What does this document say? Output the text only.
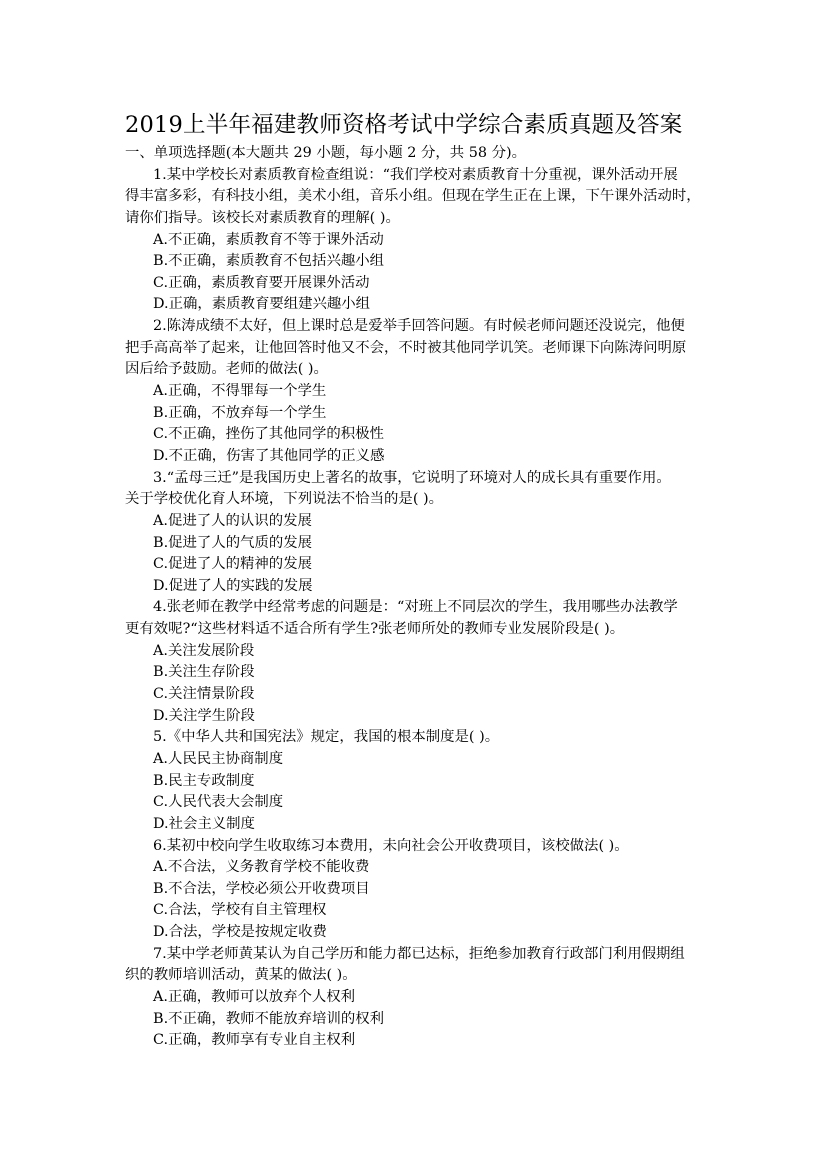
2019上半年福建教师资格考试中学综合素质真题及答案
一、单项选择题(本大题共 29 小题，每小题 2 分，共 58 分)。
1.某中学校长对素质教育检查组说：“我们学校对素质教育十分重视，课外活动开展
得丰富多彩，有科技小组，美术小组，音乐小组。但现在学生正在上课，下午课外活动时，
请你们指导。该校长对素质教育的理解( )。
A.不正确，素质教育不等于课外活动
B.不正确，素质教育不包括兴趣小组
C.正确，素质教育要开展课外活动
D.正确，素质教育要组建兴趣小组
2.陈涛成绩不太好，但上课时总是爱举手回答问题。有时候老师问题还没说完，他便
把手高高举了起来，让他回答时他又不会，不时被其他同学讥笑。老师课下向陈涛问明原
因后给予鼓励。老师的做法( )。
A.正确，不得罪每一个学生
B.正确，不放弃每一个学生
C.不正确，挫伤了其他同学的积极性
D.不正确，伤害了其他同学的正义感
3.“孟母三迁”是我国历史上著名的故事，它说明了环境对人的成长具有重要作用。
关于学校优化育人环境，下列说法不恰当的是( )。
A.促进了人的认识的发展
B.促进了人的气质的发展
C.促进了人的精神的发展
D.促进了人的实践的发展
4.张老师在教学中经常考虑的问题是：“对班上不同层次的学生，我用哪些办法教学
更有效呢?“这些材料适不适合所有学生?张老师所处的教师专业发展阶段是( )。
A.关注发展阶段
B.关注生存阶段
C.关注情景阶段
D.关注学生阶段
5.《中华人共和国宪法》规定，我国的根本制度是( )。
A.人民民主协商制度
B.民主专政制度
C.人民代表大会制度
D.社会主义制度
6.某初中校向学生收取练习本费用，未向社会公开收费项目，该校做法( )。
A.不合法，义务教育学校不能收费
B.不合法，学校必须公开收费项目
C.合法，学校有自主管理权
D.合法，学校是按规定收费
7.某中学老师黄某认为自己学历和能力都已达标，拒绝参加教育行政部门利用假期组
织的教师培训活动，黄某的做法( )。
A.正确，教师可以放弃个人权利
B.不正确，教师不能放弃培训的权利
C.正确，教师享有专业自主权利
